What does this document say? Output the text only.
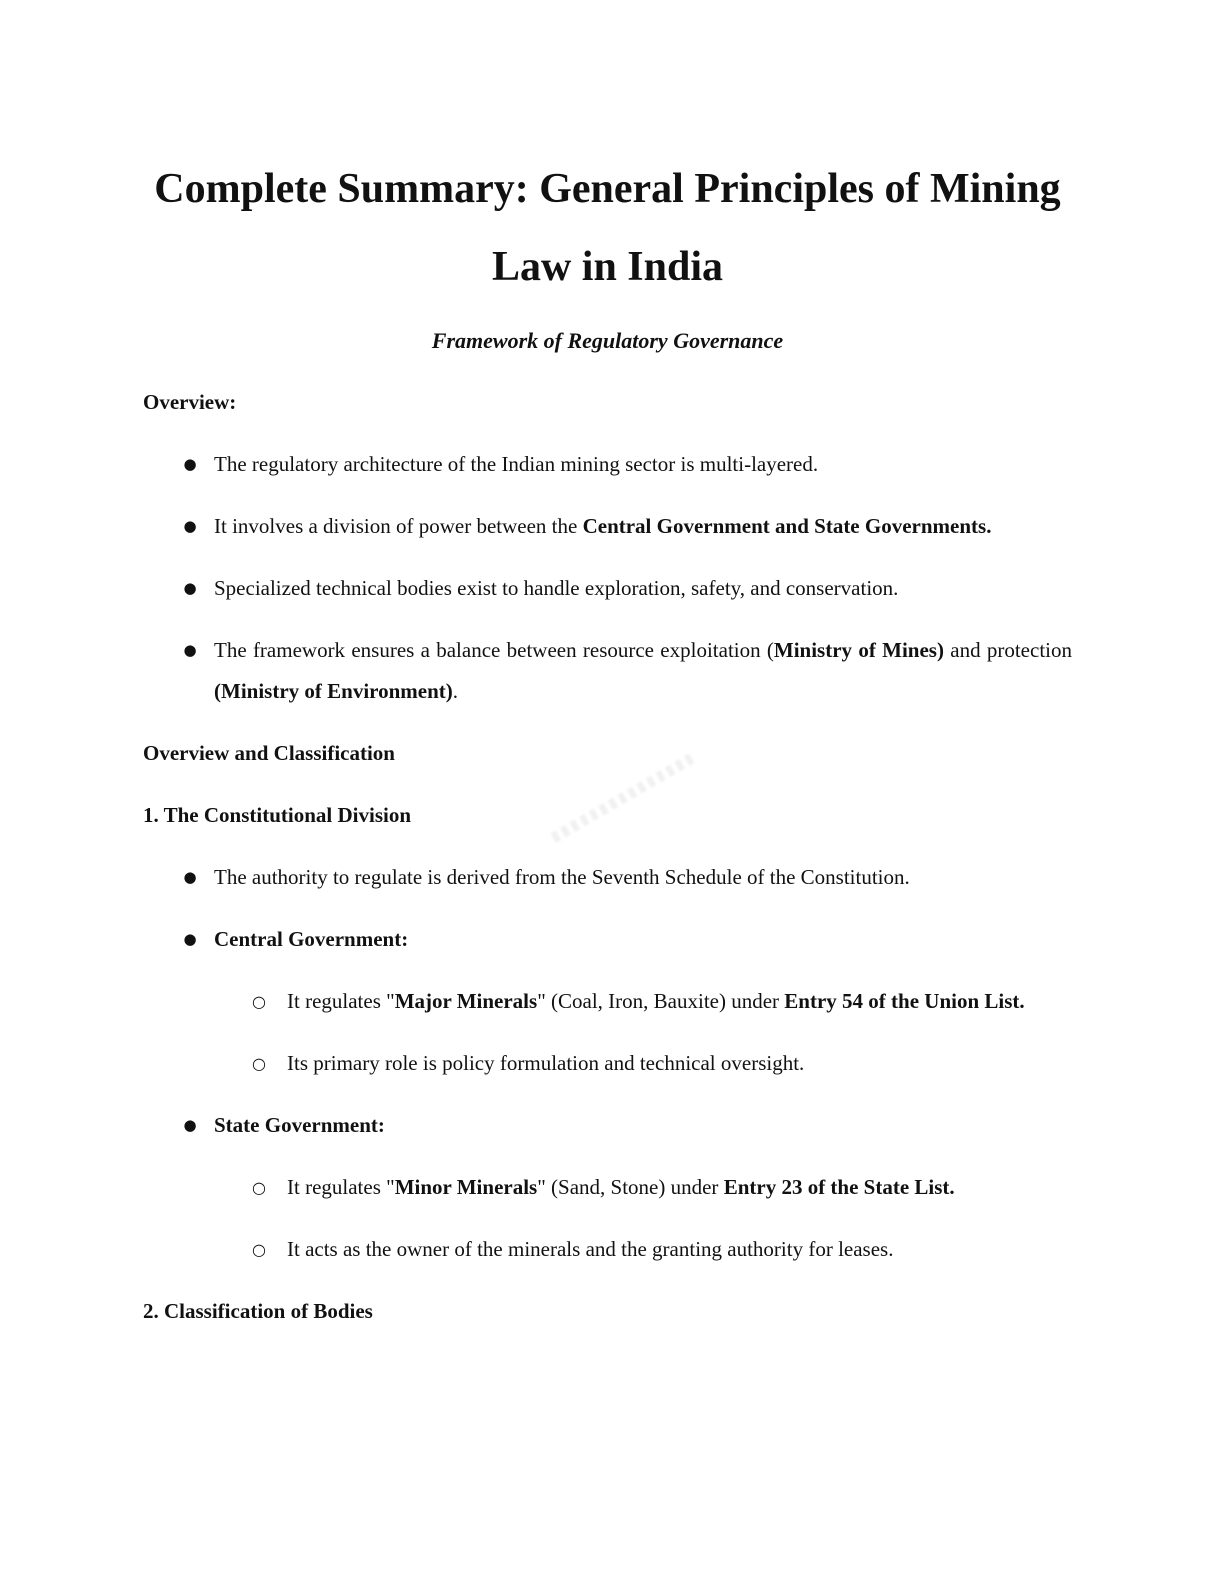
Complete Summary: General Principles of Mining Law in India
Framework of Regulatory Governance

Overview:

● The regulatory architecture of the Indian mining sector is multi-layered.

● It involves a division of power between the Central Government and State Governments.

● Specialized technical bodies exist to handle exploration, safety, and conservation.

● The framework ensures a balance between resource exploitation (Ministry of Mines) and protection (Ministry of Environment).

Overview and Classification

1. The Constitutional Division

● The authority to regulate is derived from the Seventh Schedule of the Constitution.

● Central Government:

○ It regulates "Major Minerals" (Coal, Iron, Bauxite) under Entry 54 of the Union List.

○ Its primary role is policy formulation and technical oversight.

● State Government:

○ It regulates "Minor Minerals" (Sand, Stone) under Entry 23 of the State List.

○ It acts as the owner of the minerals and the granting authority for leases.

2. Classification of Bodies
